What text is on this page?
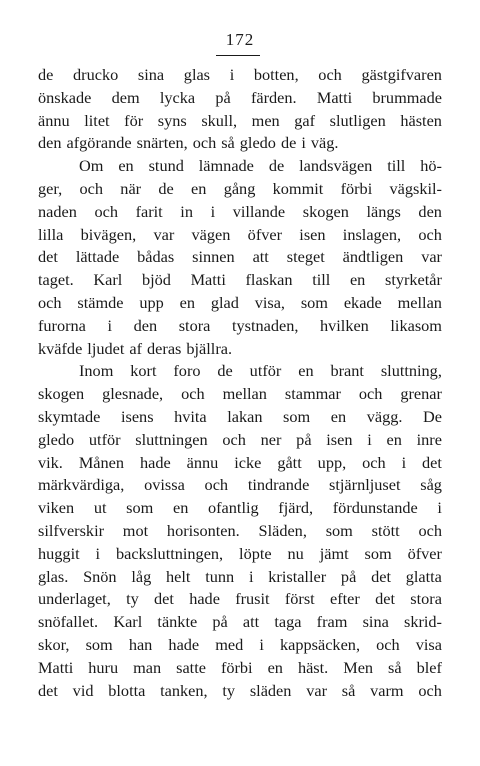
172
de drucko sina glas i botten, och gästgifvaren
önskade dem lycka på färden. Matti brummade
ännu litet för syns skull, men gaf slutligen hästen
den afgörande snärten, och så gledo de i väg.
Om en stund lämnade de landsvägen till hö-
ger, och när de en gång kommit förbi vägskil-
naden och farit in i villande skogen längs den
lilla bivägen, var vägen öfver isen inslagen, och
det lättade bådas sinnen att steget ändtligen var
taget. Karl bjöd Matti flaskan till en styrketår
och stämde upp en glad visa, som ekade mellan
furorna i den stora tystnaden, hvilken likasom
kväfde ljudet af deras bjällra.
Inom kort foro de utför en brant sluttning,
skogen glesnade, och mellan stammar och grenar
skymtade isens hvita lakan som en vägg. De
gledo utför sluttningen och ner på isen i en inre
vik. Månen hade ännu icke gått upp, och i det
märkvärdiga, ovissa och tindrande stjärnljuset såg
viken ut som en ofantlig fjärd, fördunstande i
silfverskir mot horisonten. Släden, som stött och
huggit i backsluttningen, löpte nu jämt som öfver
glas. Snön låg helt tunn i kristaller på det glatta
underlaget, ty det hade frusit först efter det stora
snöfallet. Karl tänkte på att taga fram sina skrid-
skor, som han hade med i kappsäcken, och visa
Matti huru man satte förbi en häst. Men så blef
det vid blotta tanken, ty släden var så varm och
